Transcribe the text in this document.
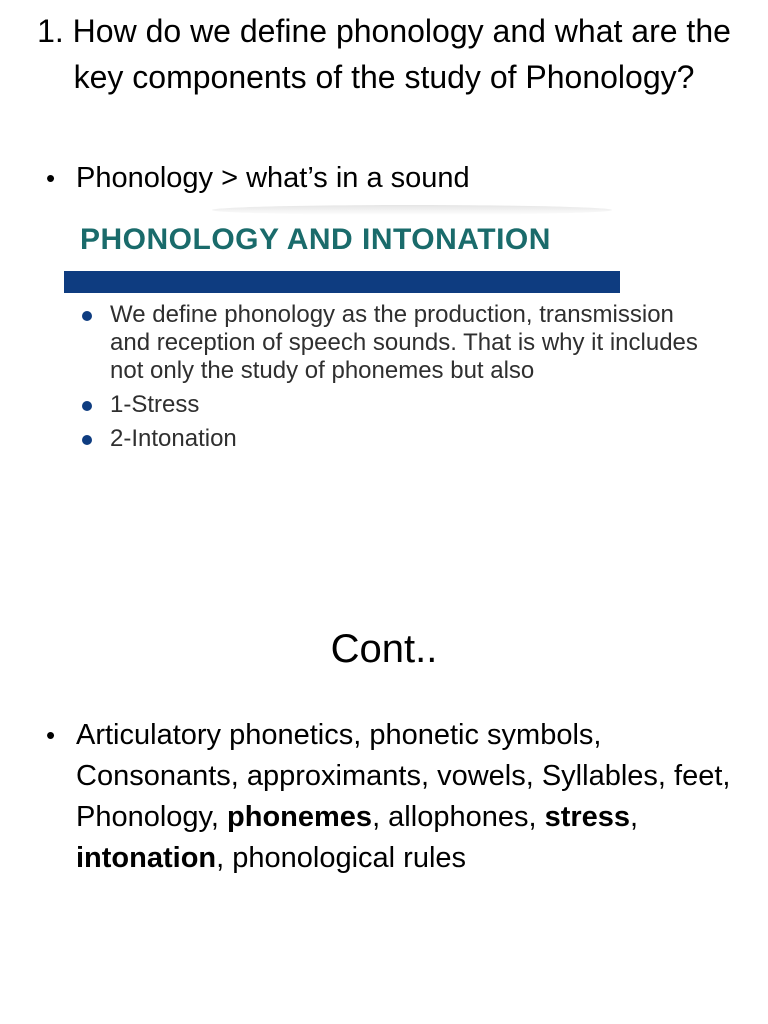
1. How do we define phonology and what are the key components of the study of Phonology?
• Phonology > what’s in a sound
PHONOLOGY AND INTONATION
We define phonology as the production, transmission and reception of speech sounds. That is why it includes not only the study of phonemes but also
1-Stress
2-Intonation
Cont..
• Articulatory phonetics, phonetic symbols, Consonants, approximants, vowels, Syllables, feet, Phonology, phonemes, allophones, stress, intonation, phonological rules
